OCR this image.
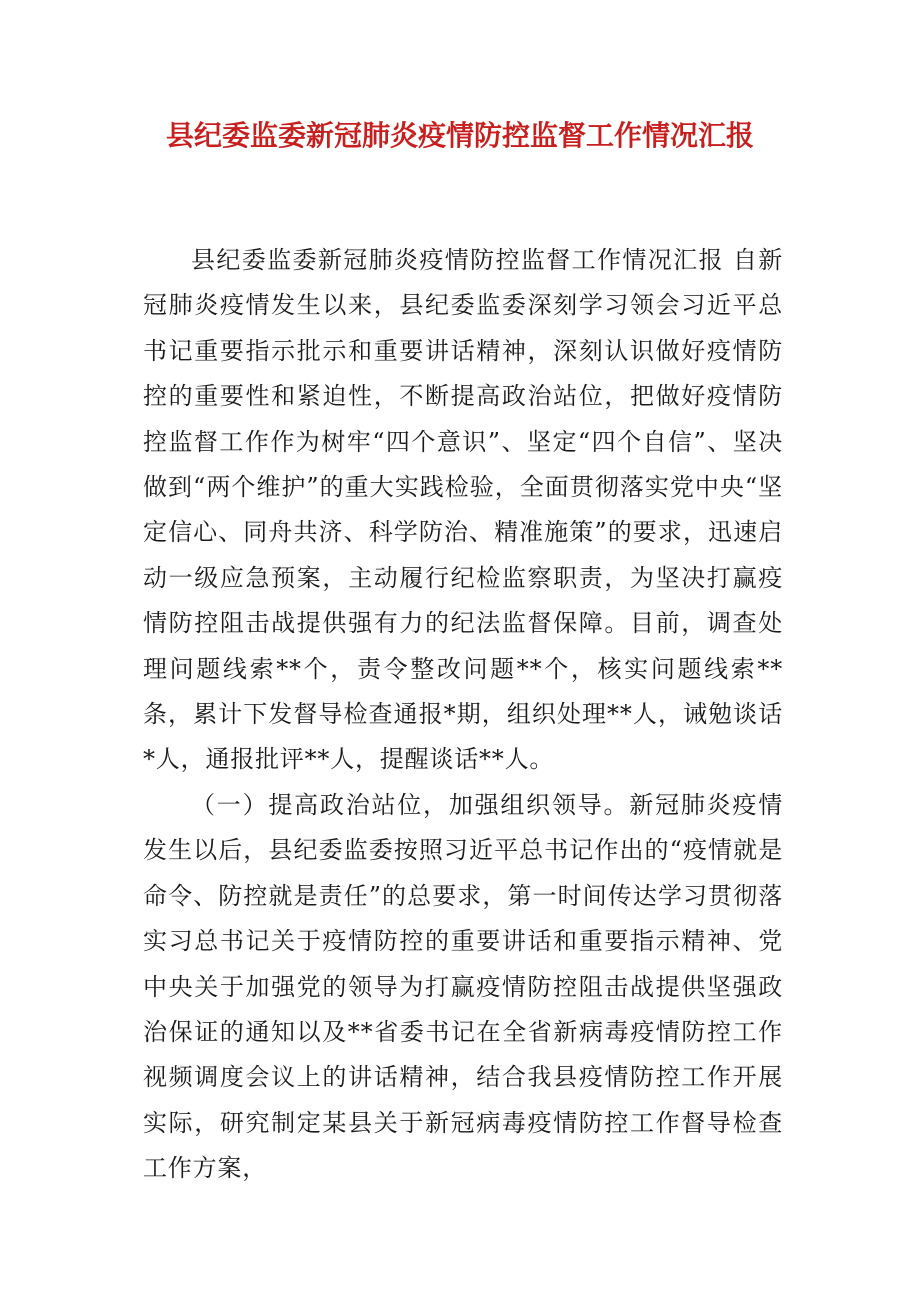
县纪委监委新冠肺炎疫情防控监督工作情况汇报

县纪委监委新冠肺炎疫情防控监督工作情况汇报 自新冠肺炎疫情发生以来，县纪委监委深刻学习领会习近平总书记重要指示批示和重要讲话精神，深刻认识做好疫情防控的重要性和紧迫性，不断提高政治站位，把做好疫情防控监督工作作为树牢“四个意识”、坚定“四个自信”、坚决做到“两个维护”的重大实践检验，全面贯彻落实党中央“坚定信心、同舟共济、科学防治、精准施策”的要求，迅速启动一级应急预案，主动履行纪检监察职责，为坚决打赢疫情防控阻击战提供强有力的纪法监督保障。目前，调查处理问题线索**个，责令整改问题**个，核实问题线索**条，累计下发督导检查通报*期，组织处理**人，诫勉谈话*人，通报批评**人，提醒谈话**人。

（一）提高政治站位，加强组织领导。新冠肺炎疫情发生以后，县纪委监委按照习近平总书记作出的“疫情就是命令、防控就是责任”的总要求，第一时间传达学习贯彻落实习总书记关于疫情防控的重要讲话和重要指示精神、党中央关于加强党的领导为打赢疫情防控阻击战提供坚强政治保证的通知以及**省委书记在全省新病毒疫情防控工作视频调度会议上的讲话精神，结合我县疫情防控工作开展实际，研究制定某县关于新冠病毒疫情防控工作督导检查工作方案，
